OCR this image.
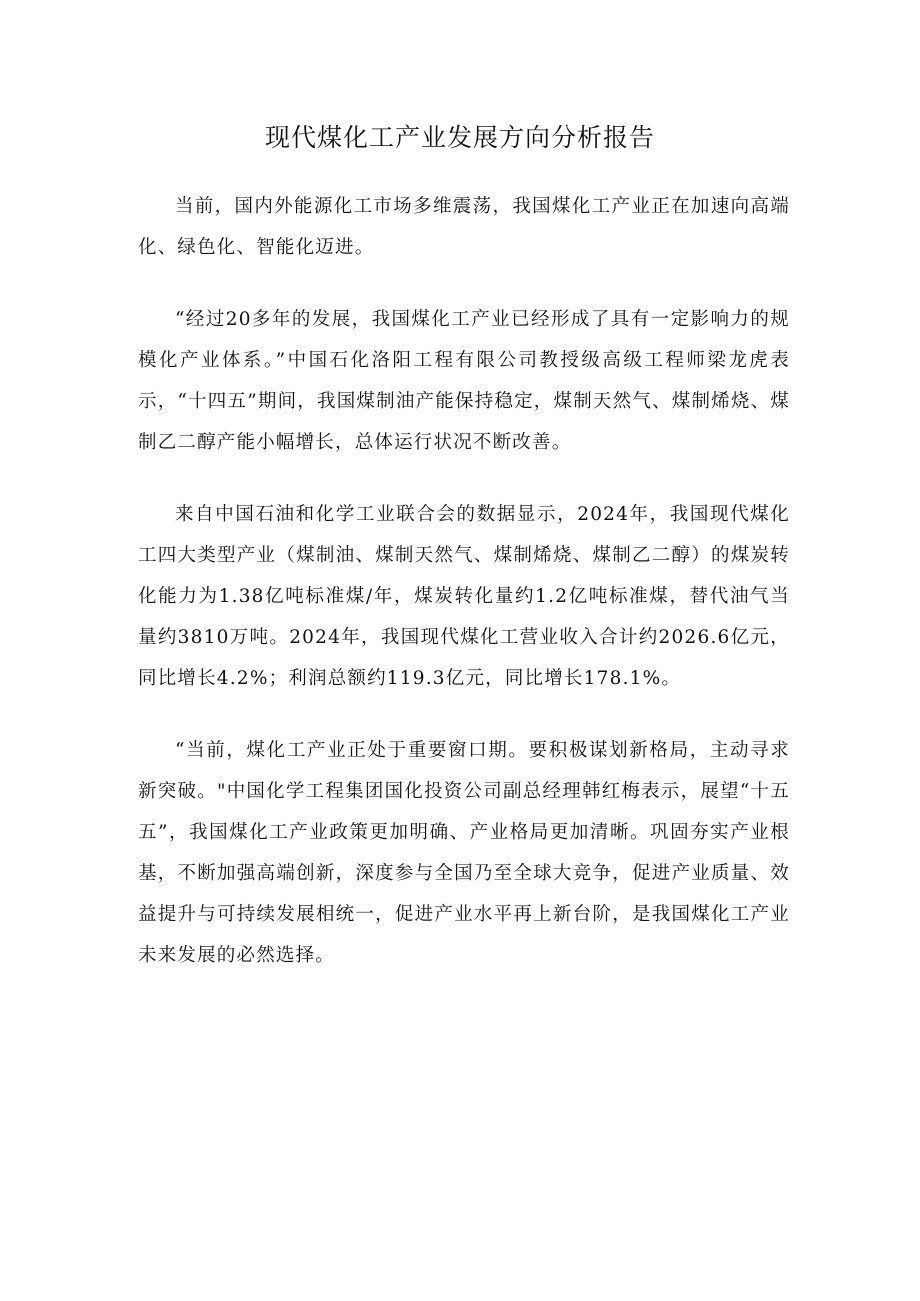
现代煤化工产业发展方向分析报告

当前，国内外能源化工市场多维震荡，我国煤化工产业正在加速向高端化、绿色化、智能化迈进。

“经过20多年的发展，我国煤化工产业已经形成了具有一定影响力的规模化产业体系。”中国石化洛阳工程有限公司教授级高级工程师梁龙虎表示，“十四五”期间，我国煤制油产能保持稳定，煤制天然气、煤制烯烧、煤制乙二醇产能小幅增长，总体运行状况不断改善。

来自中国石油和化学工业联合会的数据显示，2024年，我国现代煤化工四大类型产业（煤制油、煤制天然气、煤制烯烧、煤制乙二醇）的煤炭转化能力为1.38亿吨标准煤/年，煤炭转化量约1.2亿吨标准煤，替代油气当量约3810万吨。2024年，我国现代煤化工营业收入合计约2026.6亿元，同比增长4.2%；利润总额约119.3亿元，同比增长178.1%。

“当前，煤化工产业正处于重要窗口期。要积极谋划新格局，主动寻求新突破。"中国化学工程集团国化投资公司副总经理韩红梅表示，展望“十五五”，我国煤化工产业政策更加明确、产业格局更加清晰。巩固夯实产业根基，不断加强高端创新，深度参与全国乃至全球大竞争，促进产业质量、效益提升与可持续发展相统一，促进产业水平再上新台阶，是我国煤化工产业未来发展的必然选择。
